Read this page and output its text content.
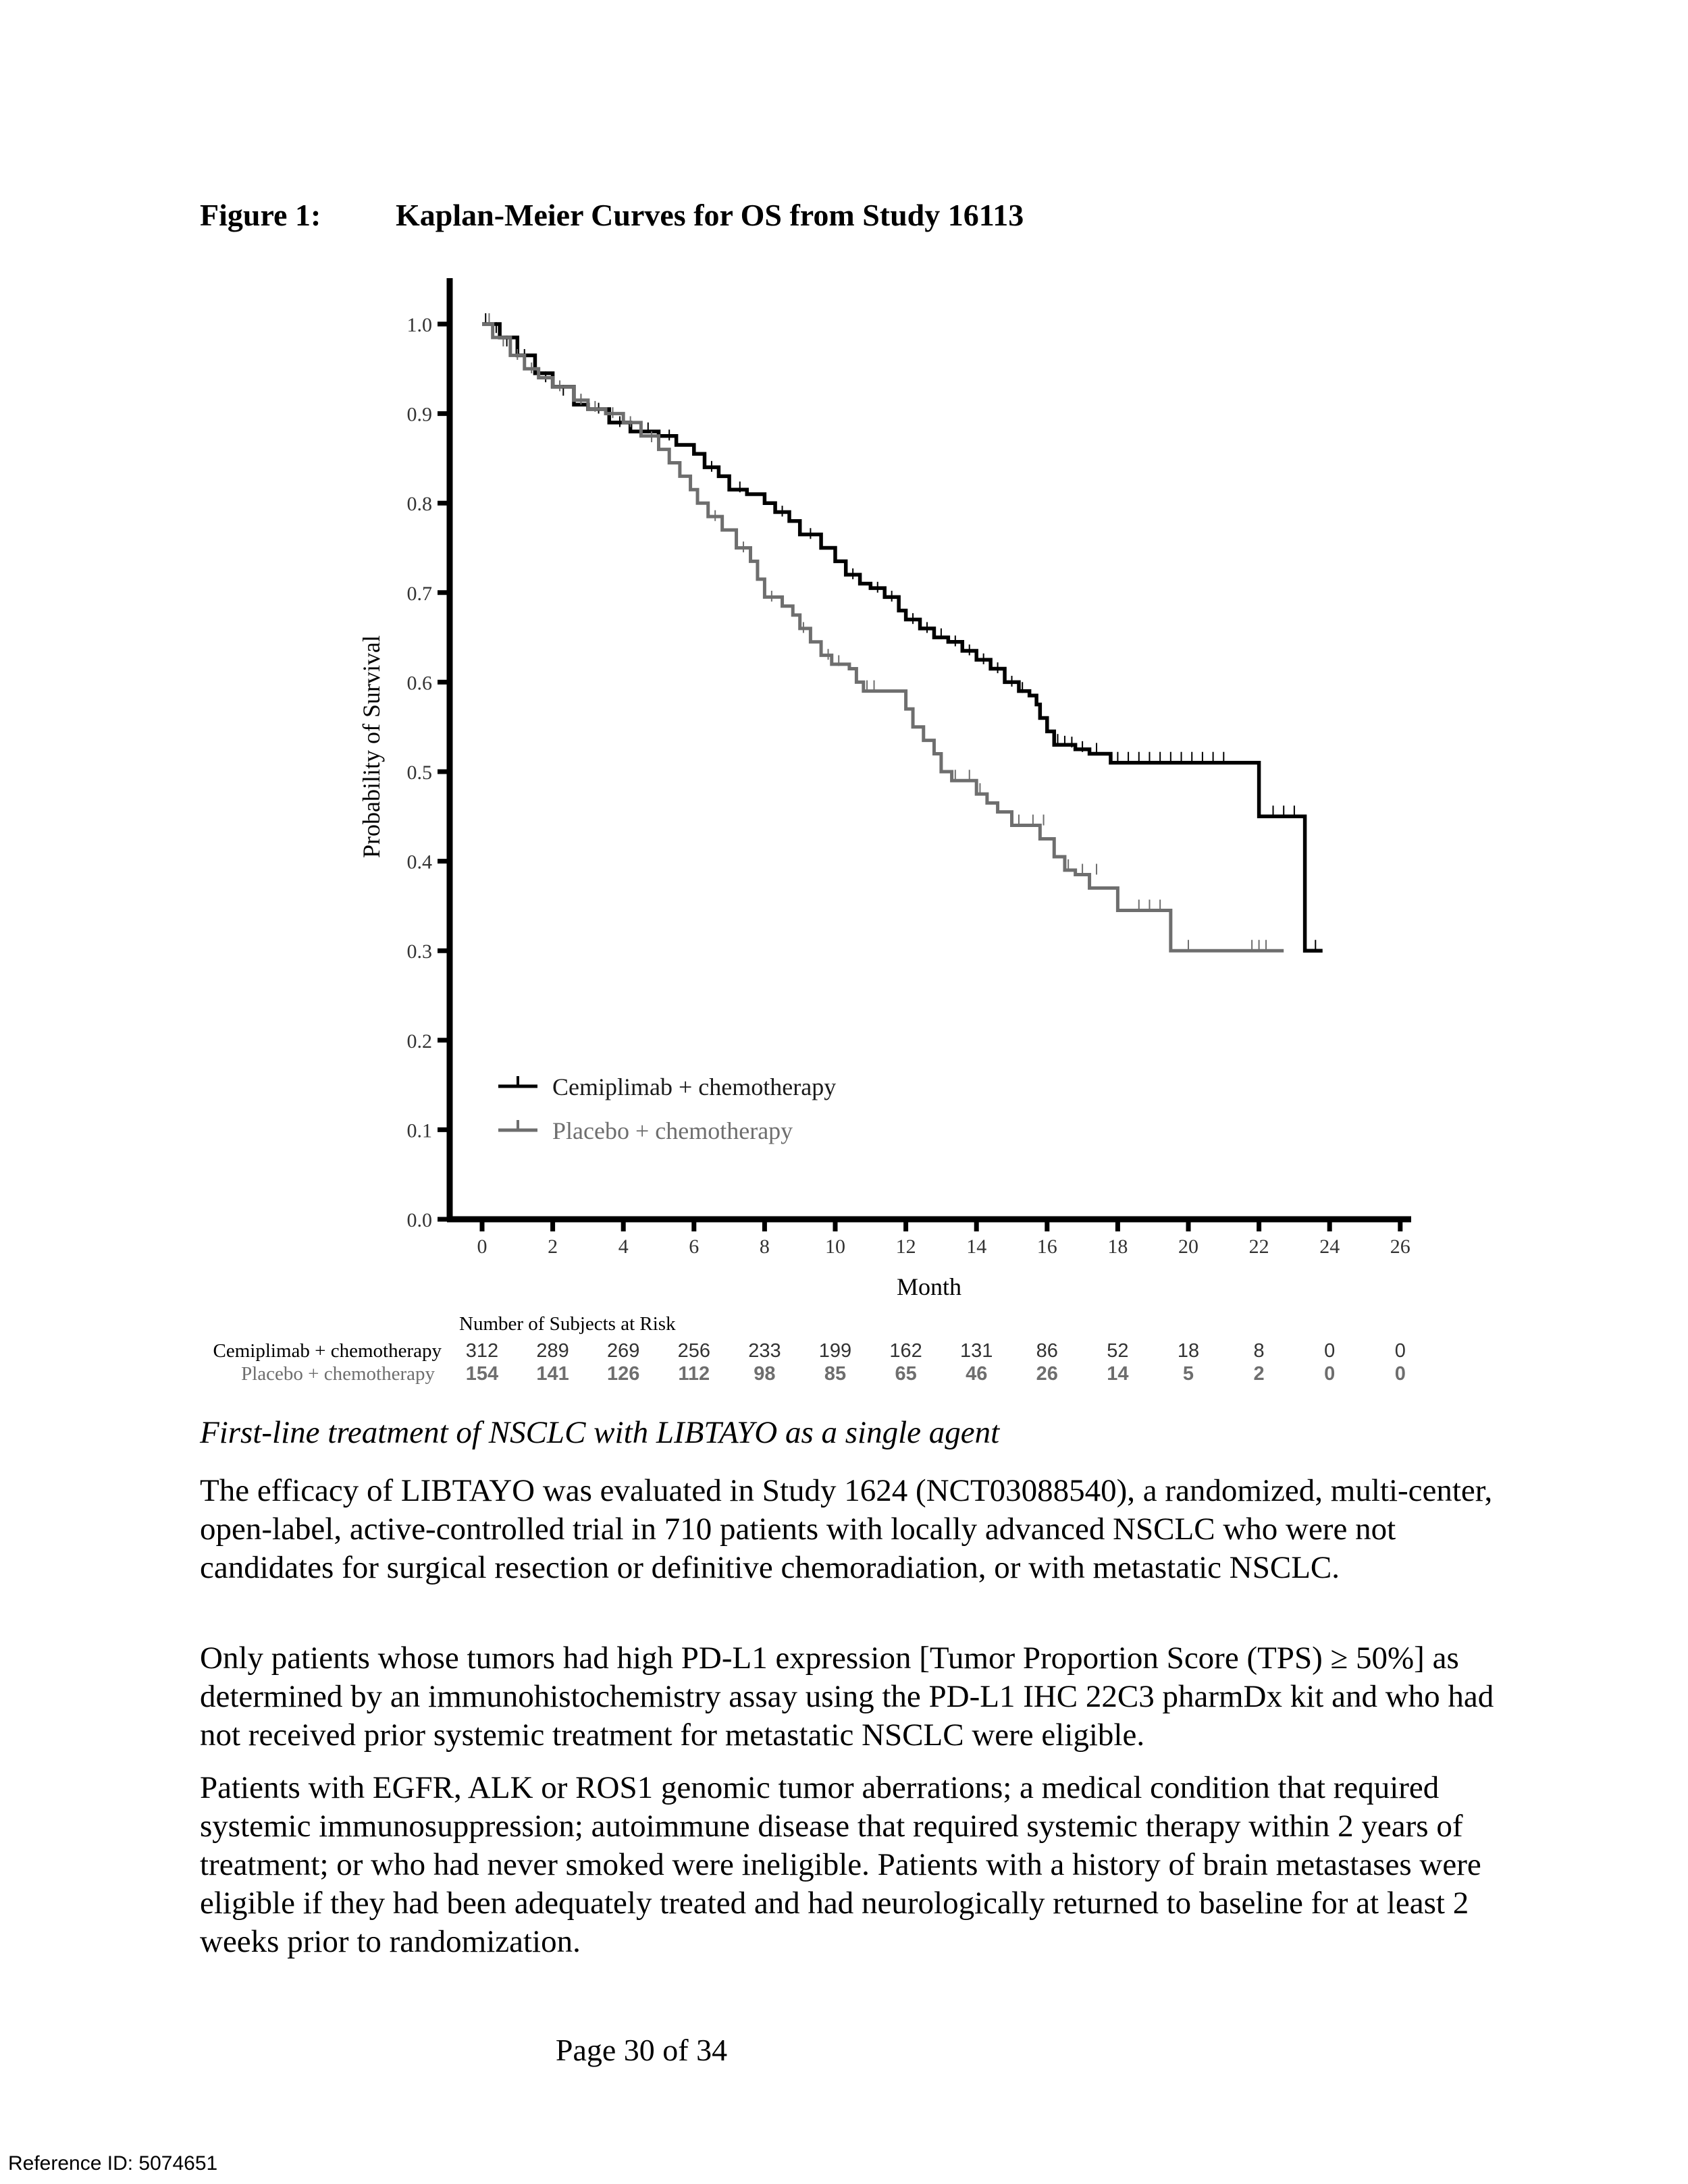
Figure 1: Kaplan-Meier Curves for OS from Study 16113
0.0
0.1
0.2
0.3
0.4
0.5
0.6
0.7
0.8
0.9
1.0
0	2	4	6	8	10 12 14 16 18 20 22 24 26
Probability of Survival
Month
Cemiplimab + chemotherapy
Placebo + chemotherapy
Number of Subjects at Risk
Cemiplimab + chemotherapy
Placebo + chemotherapy
312 289 269 256 233 199 162 131 86 52 18	8	0	0
154 141 126 112 98 85 65 46 26 14	5	2	0	0
First-line treatment of NSCLC with LIBTAYO as a single agent

The efficacy of LIBTAYO was evaluated in Study 1624 (NCT03088540), a randomized, multi-center, open-label, active-controlled trial in 710 patients with locally advanced NSCLC who were not candidates for surgical resection or definitive chemoradiation, or with metastatic NSCLC.

Only patients whose tumors had high PD-L1 expression [Tumor Proportion Score (TPS) ≥ 50%] as determined by an immunohistochemistry assay using the PD-L1 IHC 22C3 pharmDx kit and who had not received prior systemic treatment for metastatic NSCLC were eligible.

Patients with EGFR, ALK or ROS1 genomic tumor aberrations; a medical condition that required systemic immunosuppression; autoimmune disease that required systemic therapy within 2 years of treatment; or who had never smoked were ineligible. Patients with a history of brain metastases were eligible if they had been adequately treated and had neurologically returned to baseline for at least 2 weeks prior to randomization.

Page 30 of 34
Reference ID: 5074651
